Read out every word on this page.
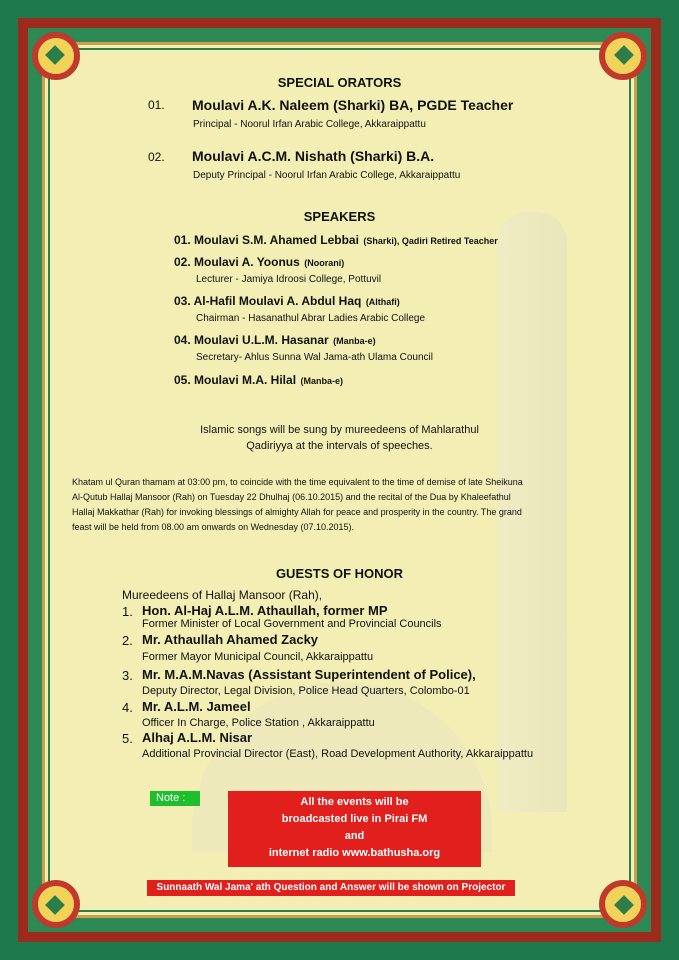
SPECIAL ORATORS
01. Moulavi A.K. Naleem (Sharki) BA, PGDE Teacher
Principal - Noorul Irfan Arabic College, Akkaraippattu
02. Moulavi A.C.M. Nishath (Sharki) B.A.
Deputy Principal - Noorul Irfan Arabic College, Akkaraippattu
SPEAKERS
01. Moulavi S.M. Ahamed Lebbai (Sharki), Qadiri Retired Teacher
02. Moulavi A. Yoonus (Noorani)
Lecturer - Jamiya Idroosi College, Pottuvil
03. Al-Hafil Moulavi A. Abdul Haq (Althafi)
Chairman - Hasanathul Abrar Ladies Arabic College
04. Moulavi U.L.M. Hasanar (Manba-e)
Secretary- Ahlus Sunna Wal Jama-ath Ulama Council
05. Moulavi M.A. Hilal (Manba-e)
Islamic songs will be sung by mureedeens of Mahlarathul
Qadiriyya at the intervals of speeches.
Khatam ul Quran thamam at 03:00 pm, to coincide with the time equivalent to the time of demise of late Sheikuna
Al-Qutub Hallaj Mansoor (Rah) on Tuesday 22 Dhulhaj (06.10.2015) and the recital of the Dua by Khaleefathul
Hallaj Makkathar (Rah) for invoking blessings of almighty Allah for peace and prosperity in the country. The grand
feast will be held from 08.00 am onwards on Wednesday (07.10.2015).
GUESTS OF HONOR
Mureedeens of Hallaj Mansoor (Rah),
1. Hon. Al-Haj A.L.M. Athaullah, former MP
Former Minister of Local Government and Provincial Councils
2. Mr. Athaullah Ahamed Zacky
Former Mayor Municipal Council, Akkaraippattu
3. Mr. M.A.M.Navas (Assistant Superintendent of Police),
Deputy Director, Legal Division, Police Head Quarters, Colombo-01
4. Mr. A.L.M. Jameel
Officer In Charge, Police Station , Akkaraippattu
5. Alhaj A.L.M. Nisar
Additional Provincial Director (East), Road Development Authority, Akkaraippattu
Note :	All the events will be
broadcasted live in Pirai FM
and
internet radio www.bathusha.org
Sunnaath Wal Jama' ath Question and Answer will be shown on Projector
